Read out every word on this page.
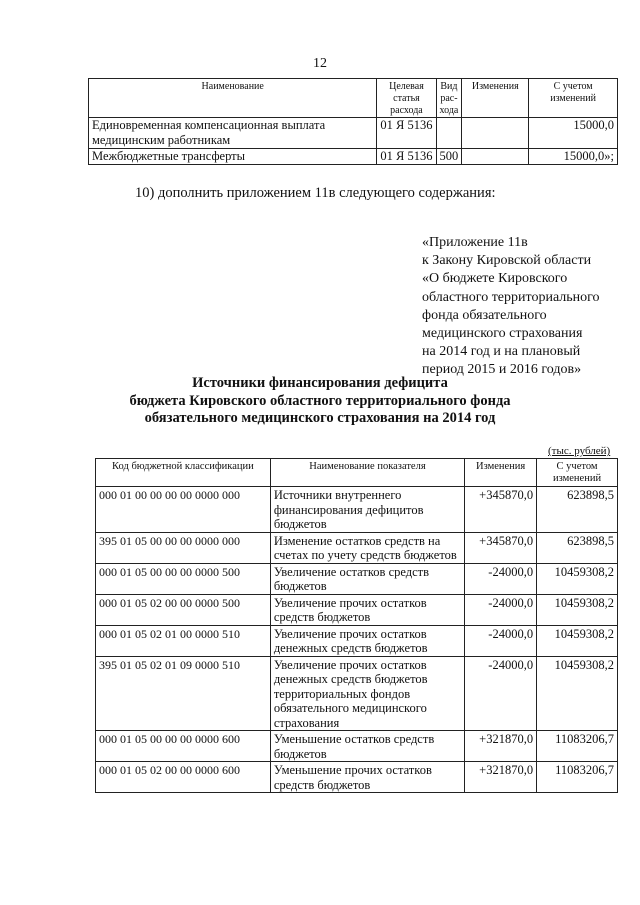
12
Наименование	Целевая статья расхода	Вид рас-хода	Изменения	С учетом изменений
Единовременная компенсационная выплата медицинским работникам	01 Я 5136			15000,0
Межбюджетные трансферты	01 Я 5136	500		15000,0»;
10) дополнить приложением 11в следующего содержания:
«Приложение 11в
к Закону Кировской области
«О бюджете Кировского
областного территориального
фонда обязательного
медицинского страхования
на 2014 год и на плановый
период 2015 и 2016 годов»
Источники финансирования дефицита
бюджета Кировского областного территориального фонда
обязательного медицинского страхования на 2014 год
(тыс. рублей)
Код бюджетной классификации	Наименование показателя	Изменения	С учетом изменений
000 01 00 00 00 00 0000 000	Источники внутреннего финансирования дефицитов бюджетов	+345870,0	623898,5
395 01 05 00 00 00 0000 000	Изменение остатков средств на счетах по учету средств бюджетов	+345870,0	623898,5
000 01 05 00 00 00 0000 500	Увеличение остатков средств бюджетов	-24000,0	10459308,2
000 01 05 02 00 00 0000 500	Увеличение прочих остатков средств бюджетов	-24000,0	10459308,2
000 01 05 02 01 00 0000 510	Увеличение прочих остатков денежных средств бюджетов	-24000,0	10459308,2
395 01 05 02 01 09 0000 510	Увеличение прочих остатков денежных средств бюджетов территориальных фондов обязательного медицинского страхования	-24000,0	10459308,2
000 01 05 00 00 00 0000 600	Уменьшение остатков средств бюджетов	+321870,0	11083206,7
000 01 05 02 00 00 0000 600	Уменьшение прочих остатков средств бюджетов	+321870,0	11083206,7
